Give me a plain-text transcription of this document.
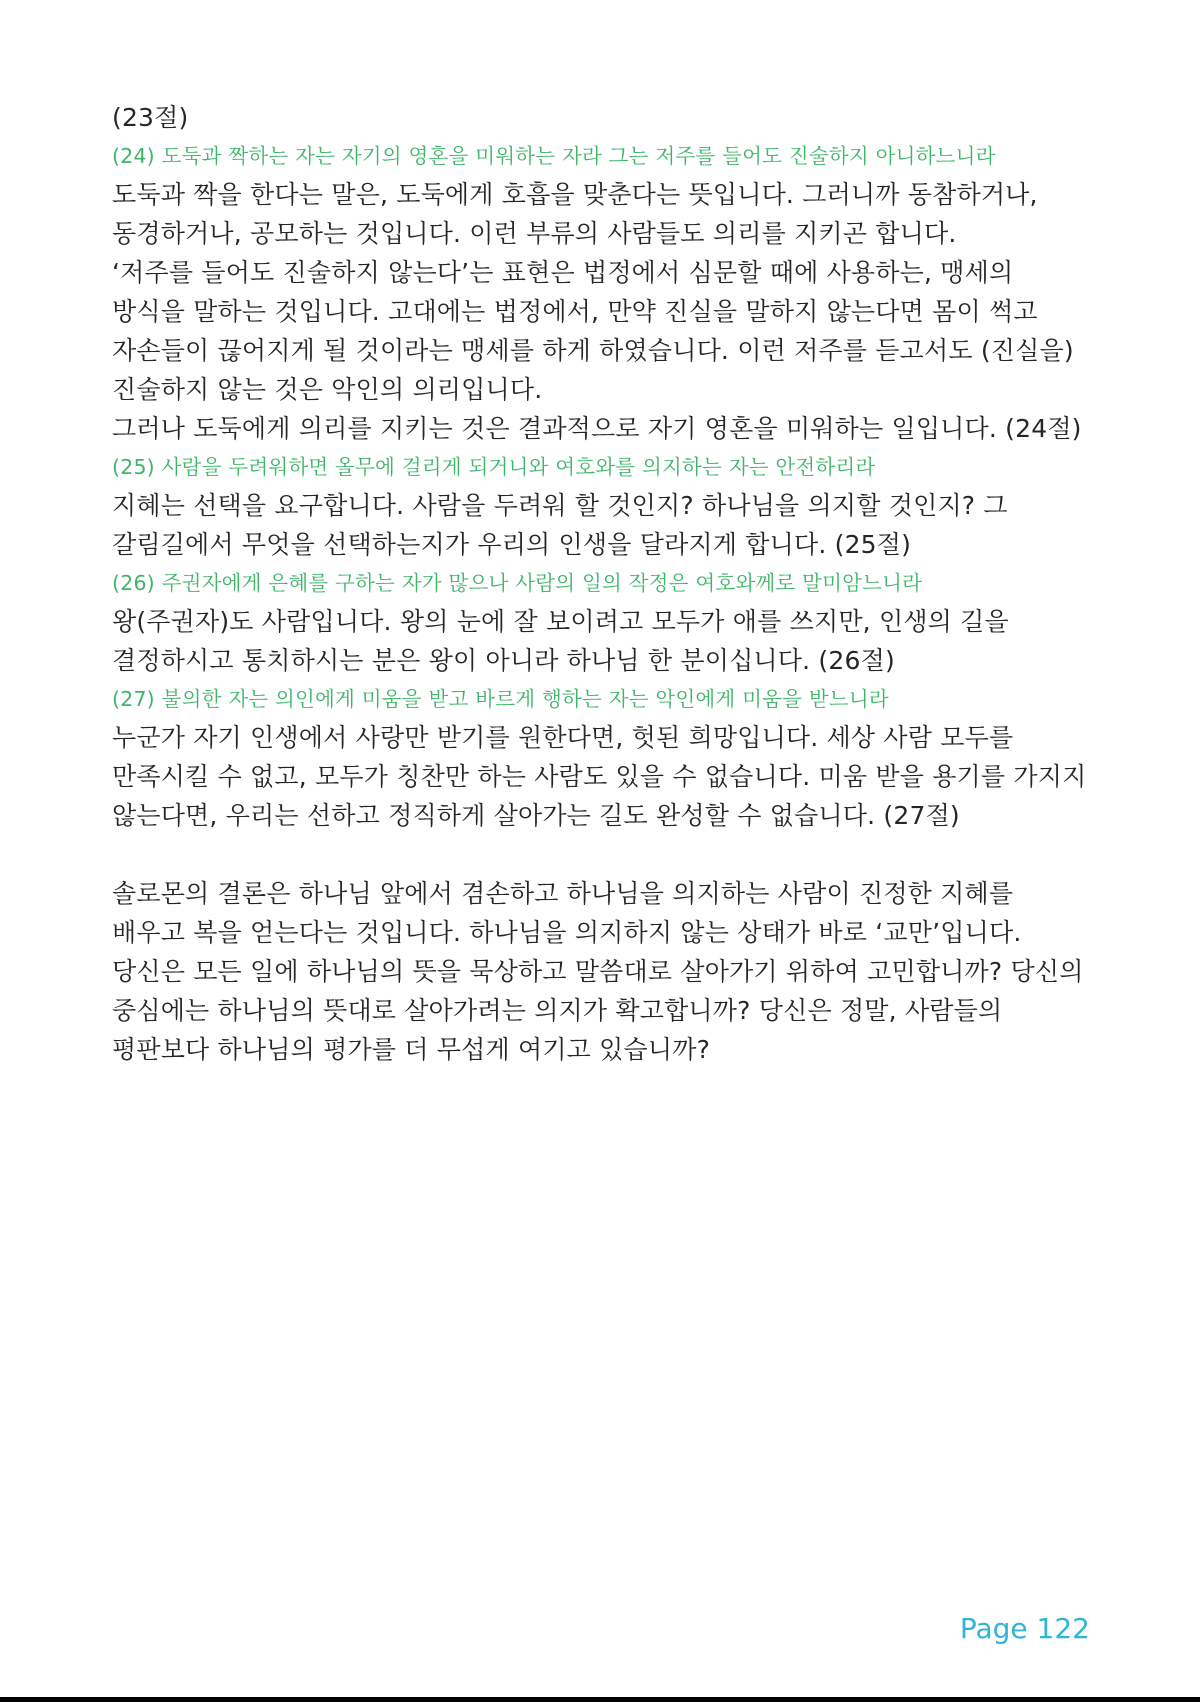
(23절)

(24) 도둑과 짝하는 자는 자기의 영혼을 미워하는 자라 그는 저주를 들어도 진술하지 아니하느니라

도둑과 짝을 한다는 말은, 도둑에게 호흡을 맞춘다는 뜻입니다. 그러니까 동참하거나, 동경하거나, 공모하는 것입니다. 이런 부류의 사람들도 의리를 지키곤 합니다.

‘저주를 들어도 진술하지 않는다’는 표현은 법정에서 심문할 때에 사용하는, 맹세의 방식을 말하는 것입니다. 고대에는 법정에서, 만약 진실을 말하지 않는다면 몸이 썩고 자손들이 끊어지게 될 것이라는 맹세를 하게 하였습니다. 이런 저주를 듣고서도 (진실을) 진술하지 않는 것은 악인의 의리입니다.

그러나 도둑에게 의리를 지키는 것은 결과적으로 자기 영혼을 미워하는 일입니다. (24절)

(25) 사람을 두려워하면 올무에 걸리게 되거니와 여호와를 의지하는 자는 안전하리라

지혜는 선택을 요구합니다. 사람을 두려워 할 것인지? 하나님을 의지할 것인지? 그 갈림길에서 무엇을 선택하는지가 우리의 인생을 달라지게 합니다. (25절)

(26) 주권자에게 은혜를 구하는 자가 많으나 사람의 일의 작정은 여호와께로 말미암느니라

왕(주권자)도 사람입니다. 왕의 눈에 잘 보이려고 모두가 애를 쓰지만, 인생의 길을 결정하시고 통치하시는 분은 왕이 아니라 하나님 한 분이십니다. (26절)

(27) 불의한 자는 의인에게 미움을 받고 바르게 행하는 자는 악인에게 미움을 받느니라

누군가 자기 인생에서 사랑만 받기를 원한다면, 헛된 희망입니다. 세상 사람 모두를 만족시킬 수 없고, 모두가 칭찬만 하는 사람도 있을 수 없습니다. 미움 받을 용기를 가지지 않는다면, 우리는 선하고 정직하게 살아가는 길도 완성할 수 없습니다. (27절)

솔로몬의 결론은 하나님 앞에서 겸손하고 하나님을 의지하는 사람이 진정한 지혜를 배우고 복을 얻는다는 것입니다. 하나님을 의지하지 않는 상태가 바로 ‘교만’입니다.

당신은 모든 일에 하나님의 뜻을 묵상하고 말씀대로 살아가기 위하여 고민합니까? 당신의 중심에는 하나님의 뜻대로 살아가려는 의지가 확고합니까? 당신은 정말, 사람들의 평판보다 하나님의 평가를 더 무섭게 여기고 있습니까?

Page 122
